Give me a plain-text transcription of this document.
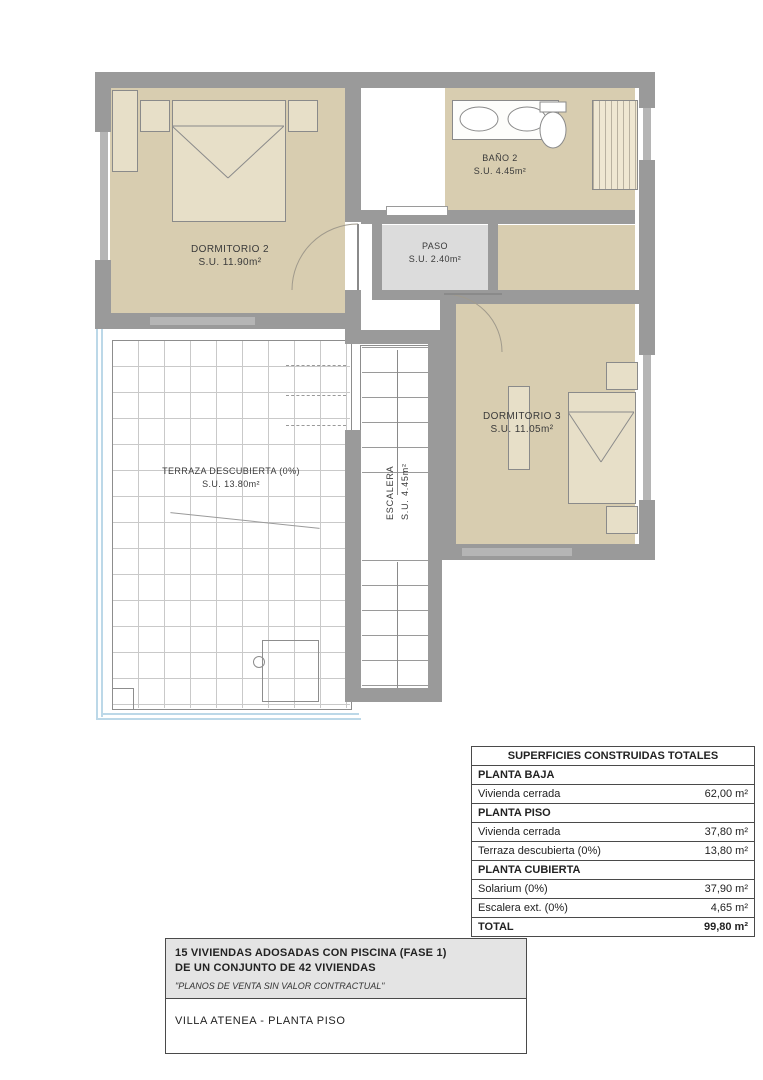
DORMITORIO 2
S.U. 11.90m²
BAÑO 2
S.U. 4.45m²
PASO
S.U. 2.40m²
DORMITORIO 3
S.U. 11.05m²
TERRAZA DESCUBIERTA (0%)
S.U. 13.80m²	ESCALERA S.U. 4.45m²
SUPERFICIES CONSTRUIDAS TOTALES
PLANTA BAJA
Vivienda cerrada	62,00 m²
PLANTA PISO
Vivienda cerrada	37,80 m²
Terraza descubierta (0%)	13,80 m²
PLANTA CUBIERTA
Solarium (0%)	37,90 m²
Escalera ext. (0%)	4,65 m²
TOTAL	99,80 m²
15 VIVIENDAS ADOSADAS CON PISCINA (FASE 1)
DE UN CONJUNTO DE 42 VIVIENDAS
"PLANOS DE VENTA SIN VALOR CONTRACTUAL"
VILLA ATENEA - PLANTA PISO
